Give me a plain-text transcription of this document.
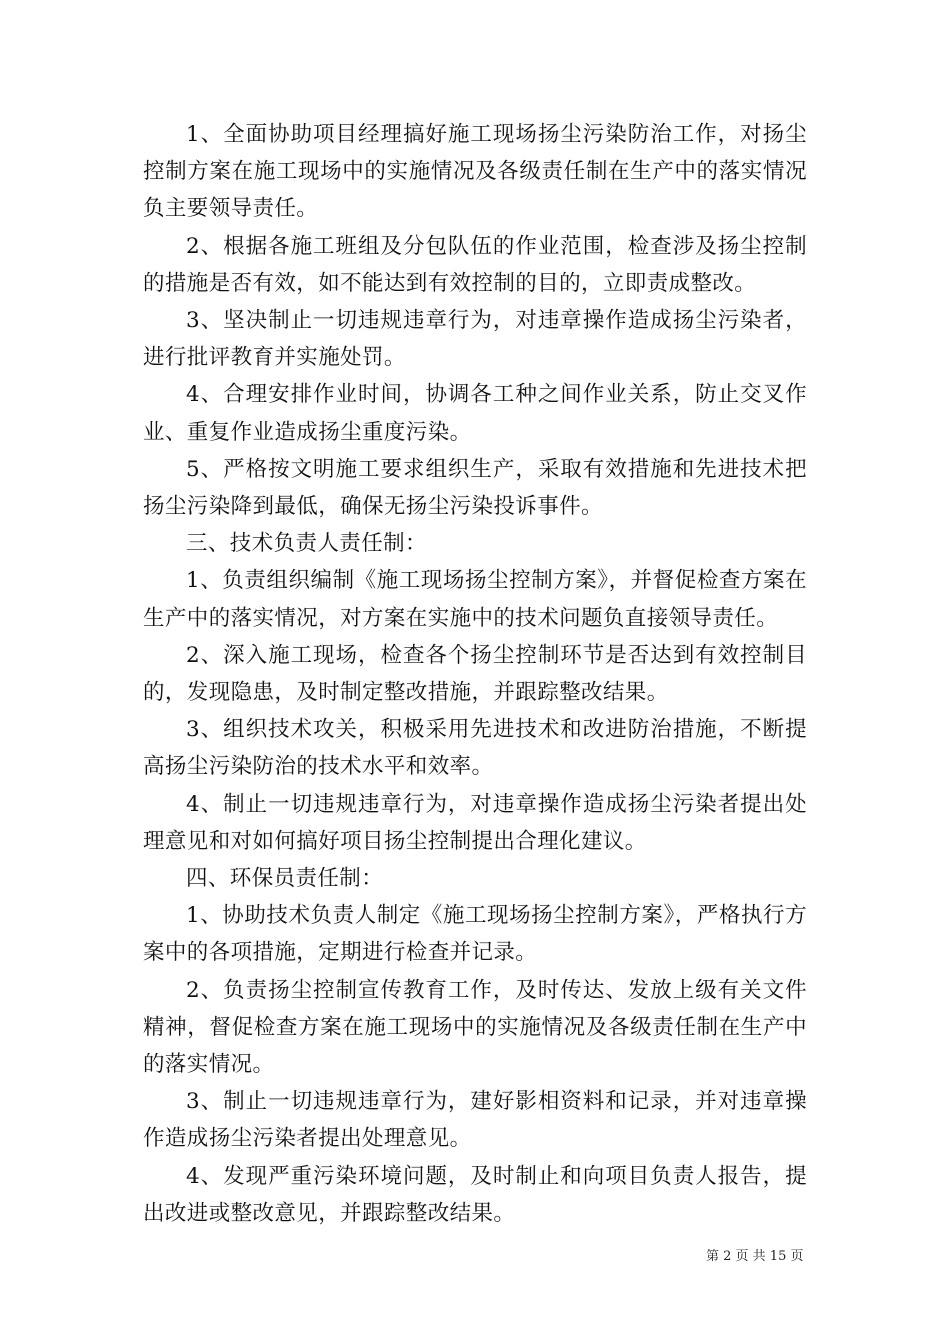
1、全面协助项目经理搞好施工现场扬尘污染防治工作，对扬尘控制方案在施工现场中的实施情况及各级责任制在生产中的落实情况负主要领导责任。

2、根据各施工班组及分包队伍的作业范围，检查涉及扬尘控制的措施是否有效，如不能达到有效控制的目的，立即责成整改。

3、坚决制止一切违规违章行为，对违章操作造成扬尘污染者，进行批评教育并实施处罚。

4、合理安排作业时间，协调各工种之间作业关系，防止交叉作业、重复作业造成扬尘重度污染。

5、严格按文明施工要求组织生产，采取有效措施和先进技术把扬尘污染降到最低，确保无扬尘污染投诉事件。

三、技术负责人责任制：

1、负责组织编制《施工现场扬尘控制方案》，并督促检查方案在生产中的落实情况，对方案在实施中的技术问题负直接领导责任。

2、深入施工现场，检查各个扬尘控制环节是否达到有效控制目的，发现隐患，及时制定整改措施，并跟踪整改结果。

3、组织技术攻关，积极采用先进技术和改进防治措施，不断提高扬尘污染防治的技术水平和效率。

4、制止一切违规违章行为，对违章操作造成扬尘污染者提出处理意见和对如何搞好项目扬尘控制提出合理化建议。

四、环保员责任制：

1、协助技术负责人制定《施工现场扬尘控制方案》，严格执行方案中的各项措施，定期进行检查并记录。

2、负责扬尘控制宣传教育工作，及时传达、发放上级有关文件精神，督促检查方案在施工现场中的实施情况及各级责任制在生产中的落实情况。

3、制止一切违规违章行为，建好影相资料和记录，并对违章操作造成扬尘污染者提出处理意见。

4、发现严重污染环境问题，及时制止和向项目负责人报告，提出改进或整改意见，并跟踪整改结果。

第 2 页 共 15 页
